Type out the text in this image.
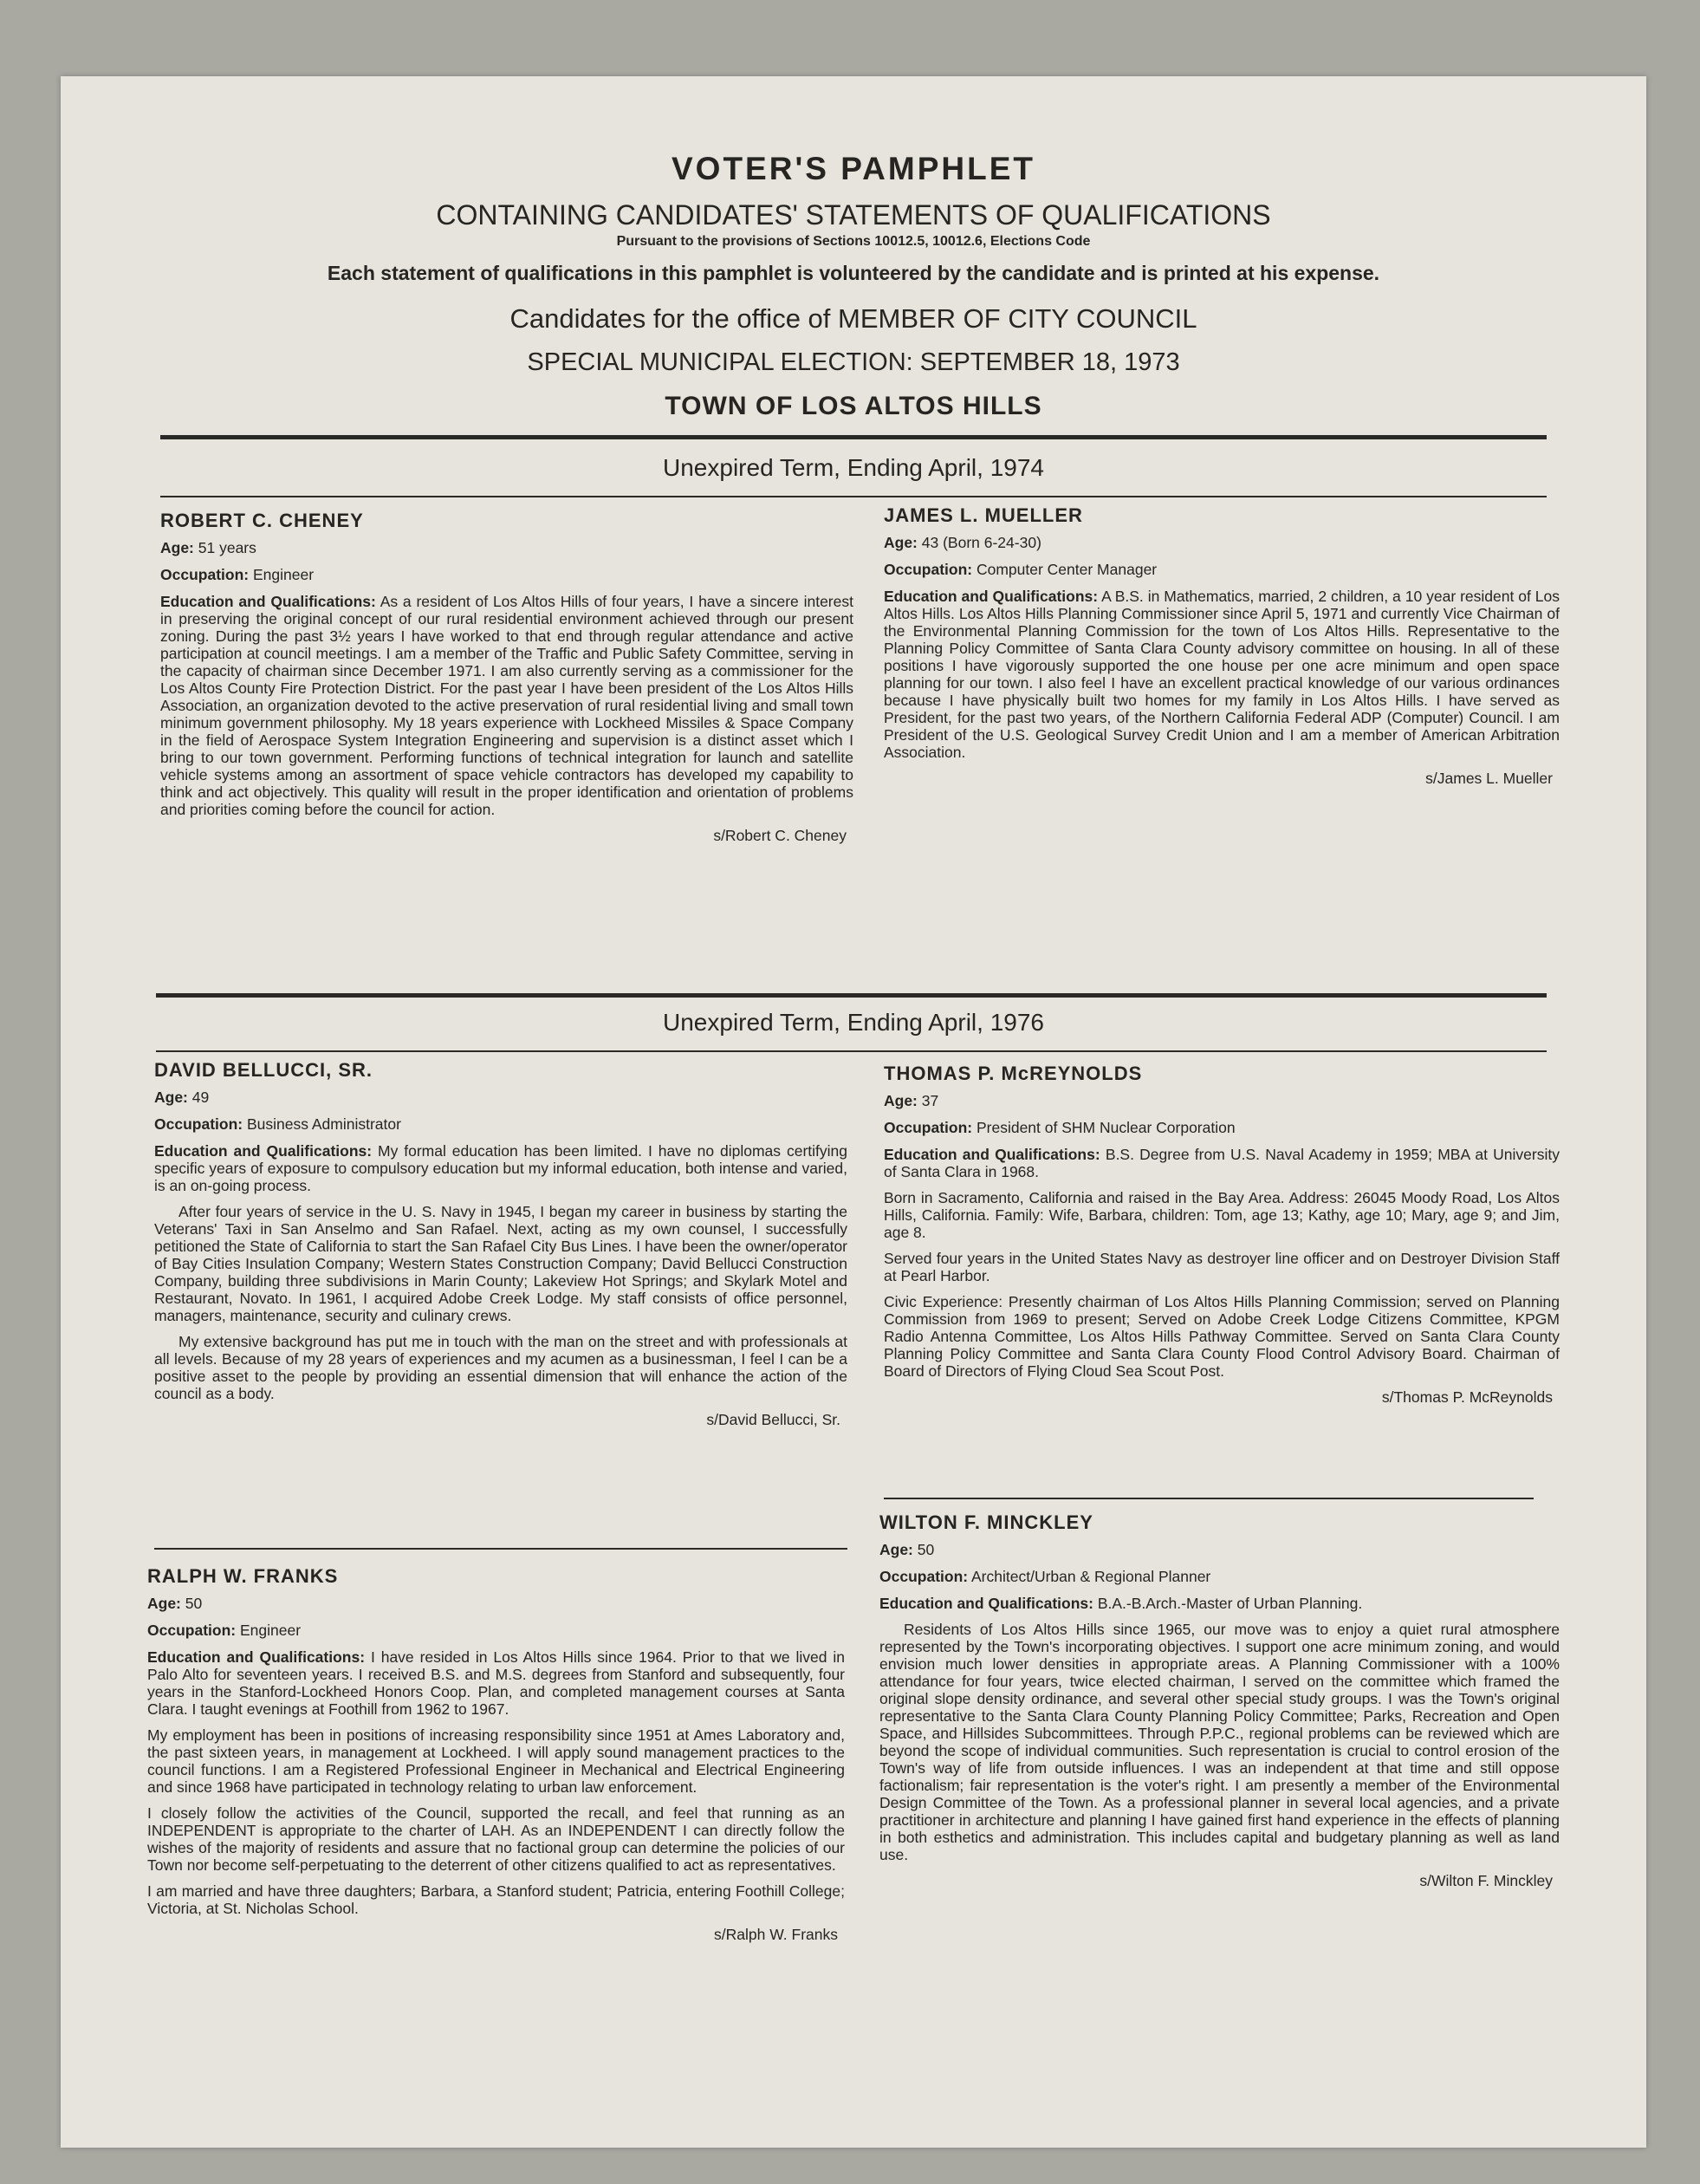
VOTER'S PAMPHLET
CONTAINING CANDIDATES' STATEMENTS OF QUALIFICATIONS
Pursuant to the provisions of Sections 10012.5, 10012.6, Elections Code
Each statement of qualifications in this pamphlet is volunteered by the candidate and is printed at his expense.
Candidates for the office of MEMBER OF CITY COUNCIL
SPECIAL MUNICIPAL ELECTION: SEPTEMBER 18, 1973
TOWN OF LOS ALTOS HILLS
Unexpired Term, Ending April, 1974
ROBERT C. CHENEY
Age: 51 years
Occupation: Engineer
Education and Qualifications: As a resident of Los Altos Hills of four years, I have a sincere interest in preserving the original concept of our rural residential environment achieved through our present zoning. During the past 3½ years I have worked to that end through regular attendance and active participation at council meetings. I am a member of the Traffic and Public Safety Committee, serving in the capacity of chairman since December 1971. I am also currently serving as a commissioner for the Los Altos County Fire Protection District. For the past year I have been president of the Los Altos Hills Association, an organization devoted to the active preservation of rural residential living and small town minimum government philosophy. My 18 years experience with Lockheed Missiles & Space Company in the field of Aerospace System Integration Engineering and supervision is a distinct asset which I bring to our town government. Performing functions of technical integration for launch and satellite vehicle systems among an assortment of space vehicle contractors has developed my capability to think and act objectively. This quality will result in the proper identification and orientation of problems and priorities coming before the council for action.
s/Robert C. Cheney
JAMES L. MUELLER
Age: 43 (Born 6-24-30)
Occupation: Computer Center Manager
Education and Qualifications: A B.S. in Mathematics, married, 2 children, a 10 year resident of Los Altos Hills. Los Altos Hills Planning Commissioner since April 5, 1971 and currently Vice Chairman of the Environmental Planning Commission for the town of Los Altos Hills. Representative to the Planning Policy Committee of Santa Clara County advisory committee on housing. In all of these positions I have vigorously supported the one house per one acre minimum and open space planning for our town. I also feel I have an excellent practical knowledge of our various ordinances because I have physically built two homes for my family in Los Altos Hills. I have served as President, for the past two years, of the Northern California Federal ADP (Computer) Council. I am President of the U.S. Geological Survey Credit Union and I am a member of American Arbitration Association.
s/James L. Mueller
Unexpired Term, Ending April, 1976
DAVID BELLUCCI, SR.
Age: 49
Occupation: Business Administrator
Education and Qualifications: My formal education has been limited. I have no diplomas certifying specific years of exposure to compulsory education but my informal education, both intense and varied, is an on-going process.
After four years of service in the U. S. Navy in 1945, I began my career in business by starting the Veterans' Taxi in San Anselmo and San Rafael. Next, acting as my own counsel, I successfully petitioned the State of California to start the San Rafael City Bus Lines. I have been the owner/operator of Bay Cities Insulation Company; Western States Construction Company; David Bellucci Construction Company, building three subdivisions in Marin County; Lakeview Hot Springs; and Skylark Motel and Restaurant, Novato. In 1961, I acquired Adobe Creek Lodge. My staff consists of office personnel, managers, maintenance, security and culinary crews.
My extensive background has put me in touch with the man on the street and with professionals at all levels. Because of my 28 years of experiences and my acumen as a businessman, I feel I can be a positive asset to the people by providing an essential dimension that will enhance the action of the council as a body.
s/David Bellucci, Sr.
RALPH W. FRANKS
Age: 50
Occupation: Engineer
Education and Qualifications: I have resided in Los Altos Hills since 1964. Prior to that we lived in Palo Alto for seventeen years. I received B.S. and M.S. degrees from Stanford and subsequently, four years in the Stanford-Lockheed Honors Coop. Plan, and completed management courses at Santa Clara. I taught evenings at Foothill from 1962 to 1967.
My employment has been in positions of increasing responsibility since 1951 at Ames Laboratory and, the past sixteen years, in management at Lockheed. I will apply sound management practices to the council functions. I am a Registered Professional Engineer in Mechanical and Electrical Engineering and since 1968 have participated in technology relating to urban law enforcement.
I closely follow the activities of the Council, supported the recall, and feel that running as an INDEPENDENT is appropriate to the charter of LAH. As an INDEPENDENT I can directly follow the wishes of the majority of residents and assure that no factional group can determine the policies of our Town nor become self-perpetuating to the deterrent of other citizens qualified to act as representatives.
I am married and have three daughters; Barbara, a Stanford student; Patricia, entering Foothill College; Victoria, at St. Nicholas School.
s/Ralph W. Franks
THOMAS P. McREYNOLDS
Age: 37
Occupation: President of SHM Nuclear Corporation
Education and Qualifications: B.S. Degree from U.S. Naval Academy in 1959; MBA at University of Santa Clara in 1968.
Born in Sacramento, California and raised in the Bay Area. Address: 26045 Moody Road, Los Altos Hills, California. Family: Wife, Barbara, children: Tom, age 13; Kathy, age 10; Mary, age 9; and Jim, age 8.
Served four years in the United States Navy as destroyer line officer and on Destroyer Division Staff at Pearl Harbor.
Civic Experience: Presently chairman of Los Altos Hills Planning Commission; served on Planning Commission from 1969 to present; Served on Adobe Creek Lodge Citizens Committee, KPGM Radio Antenna Committee, Los Altos Hills Pathway Committee. Served on Santa Clara County Planning Policy Committee and Santa Clara County Flood Control Advisory Board. Chairman of Board of Directors of Flying Cloud Sea Scout Post.
s/Thomas P. McReynolds
WILTON F. MINCKLEY
Age: 50
Occupation: Architect/Urban & Regional Planner
Education and Qualifications: B.A.-B.Arch.-Master of Urban Planning.
Residents of Los Altos Hills since 1965, our move was to enjoy a quiet rural atmosphere represented by the Town's incorporating objectives. I support one acre minimum zoning, and would envision much lower densities in appropriate areas. A Planning Commissioner with a 100% attendance for four years, twice elected chairman, I served on the committee which framed the original slope density ordinance, and several other special study groups. I was the Town's original representative to the Santa Clara County Planning Policy Committee; Parks, Recreation and Open Space, and Hillsides Subcommittees. Through P.P.C., regional problems can be reviewed which are beyond the scope of individual communities. Such representation is crucial to control erosion of the Town's way of life from outside influences. I was an independent at that time and still oppose factionalism; fair representation is the voter's right. I am presently a member of the Environmental Design Committee of the Town. As a professional planner in several local agencies, and a private practitioner in architecture and planning I have gained first hand experience in the effects of planning in both esthetics and administration. This includes capital and budgetary planning as well as land use.
s/Wilton F. Minckley
